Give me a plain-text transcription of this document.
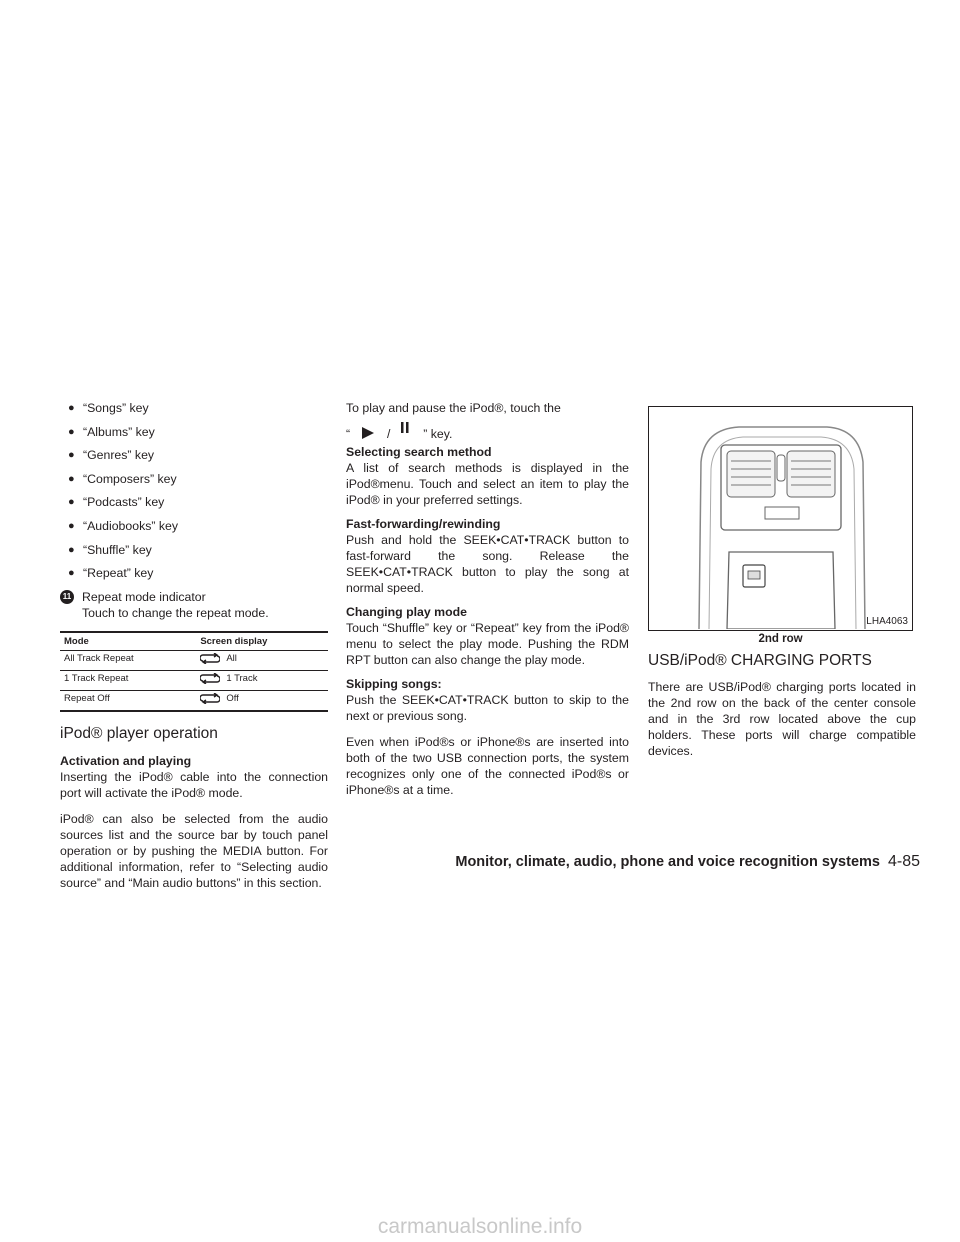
● “Songs” key
● “Albums” key
● “Genres” key
● “Composers” key
● “Podcasts” key
● “Audiobooks” key
● “Shuffle” key
● “Repeat” key
11 Repeat mode indicator
Touch to change the repeat mode.
Mode	Screen display
All Track Repeat	All

1 Track Repeat	1 Track

Repeat Off	Off
iPod® player operation
Activation and playing

Inserting the iPod® cable into the connection port will activate the iPod® mode.

iPod® can also be selected from the audio sources list and the source bar by touch panel operation or by pushing the MEDIA button. For additional information, refer to “Selecting audio source” and “Main audio buttons” in this section.

To play and pause the iPod®, touch the

“	/	” key.

Selecting search method

A list of search methods is displayed in the iPod®menu. Touch and select an item to play the iPod® in your preferred settings.

Fast-forwarding/rewinding

Push and hold the SEEK•CAT•TRACK button to fast-forward the song. Release the SEEK•CAT•TRACK button to play the song at normal speed.

Changing play mode

Touch “Shuffle” key or “Repeat” key from the iPod® menu to select the play mode. Pushing the RDM RPT button can also change the play mode.

Skipping songs:

Push the SEEK•CAT•TRACK button to skip to the next or previous song.

Even when iPod®s or iPhone®s are inserted into both of the two USB connection ports, the system recognizes only one of the connected iPod®s or iPhone®s at a time.

LHA4063
2nd row
USB/iPod® CHARGING PORTS

There are USB/iPod® charging ports located in the 2nd row on the back of the center console and in the 3rd row located above the cup holders. These ports will charge compatible devices.

Monitor, climate, audio, phone and voice recognition systems 4-85
carmanualsonline.info
